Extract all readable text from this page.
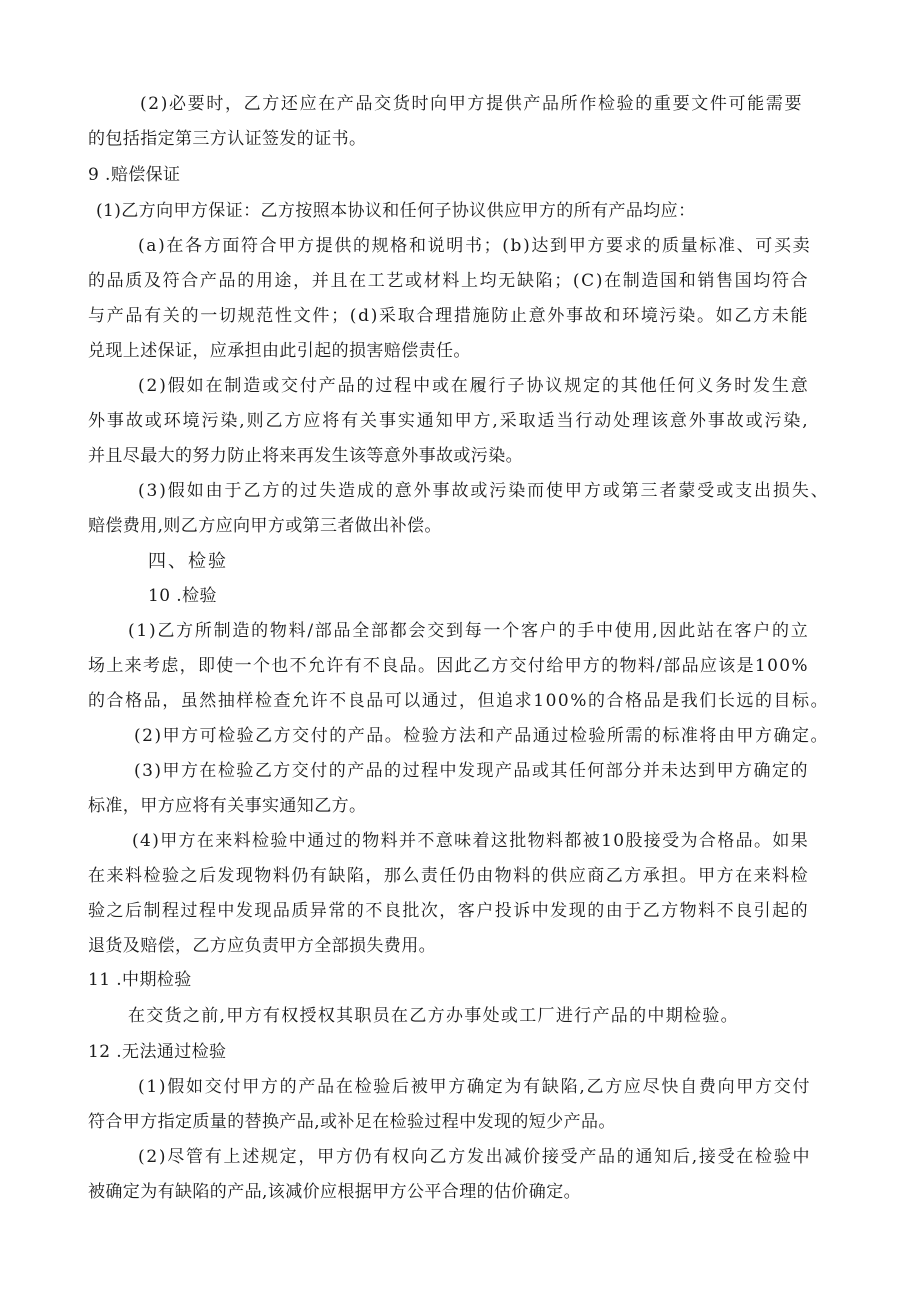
(2)必要时，乙方还应在产品交货时向甲方提供产品所作检验的重要文件可能需要
的包括指定第三方认证签发的证书。
9 .赔偿保证
(1)乙方向甲方保证：乙方按照本协议和任何子协议供应甲方的所有产品均应：
(a)在各方面符合甲方提供的规格和说明书；(b)达到甲方要求的质量标准、可买卖
的品质及符合产品的用途，并且在工艺或材料上均无缺陷；(C)在制造国和销售国均符合
与产品有关的一切规范性文件；(d)采取合理措施防止意外事故和环境污染。如乙方未能
兑现上述保证，应承担由此引起的损害赔偿责任。
(2)假如在制造或交付产品的过程中或在履行子协议规定的其他任何义务时发生意
外事故或环境污染,则乙方应将有关事实通知甲方,采取适当行动处理该意外事故或污染,
并且尽最大的努力防止将来再发生该等意外事故或污染。
(3)假如由于乙方的过失造成的意外事故或污染而使甲方或第三者蒙受或支出损失、
赔偿费用,则乙方应向甲方或第三者做出补偿。
四、检验
10 .检验
(1)乙方所制造的物料/部品全部都会交到每一个客户的手中使用,因此站在客户的立
场上来考虑，即使一个也不允许有不良品。因此乙方交付给甲方的物料/部品应该是100%
的合格品，虽然抽样检查允许不良品可以通过，但追求100%的合格品是我们长远的目标。
(2)甲方可检验乙方交付的产品。检验方法和产品通过检验所需的标准将由甲方确定。
(3)甲方在检验乙方交付的产品的过程中发现产品或其任何部分并未达到甲方确定的
标准，甲方应将有关事实通知乙方。
(4)甲方在来料检验中通过的物料并不意味着这批物料都被10股接受为合格品。如果
在来料检验之后发现物料仍有缺陷，那么责任仍由物料的供应商乙方承担。甲方在来料检
验之后制程过程中发现品质异常的不良批次，客户投诉中发现的由于乙方物料不良引起的
退货及赔偿，乙方应负责甲方全部损失费用。
11 .中期检验
在交货之前,甲方有权授权其职员在乙方办事处或工厂进行产品的中期检验。
12 .无法通过检验
(1)假如交付甲方的产品在检验后被甲方确定为有缺陷,乙方应尽快自费向甲方交付
符合甲方指定质量的替换产品,或补足在检验过程中发现的短少产品。
(2)尽管有上述规定，甲方仍有权向乙方发出减价接受产品的通知后,接受在检验中
被确定为有缺陷的产品,该减价应根据甲方公平合理的估价确定。
